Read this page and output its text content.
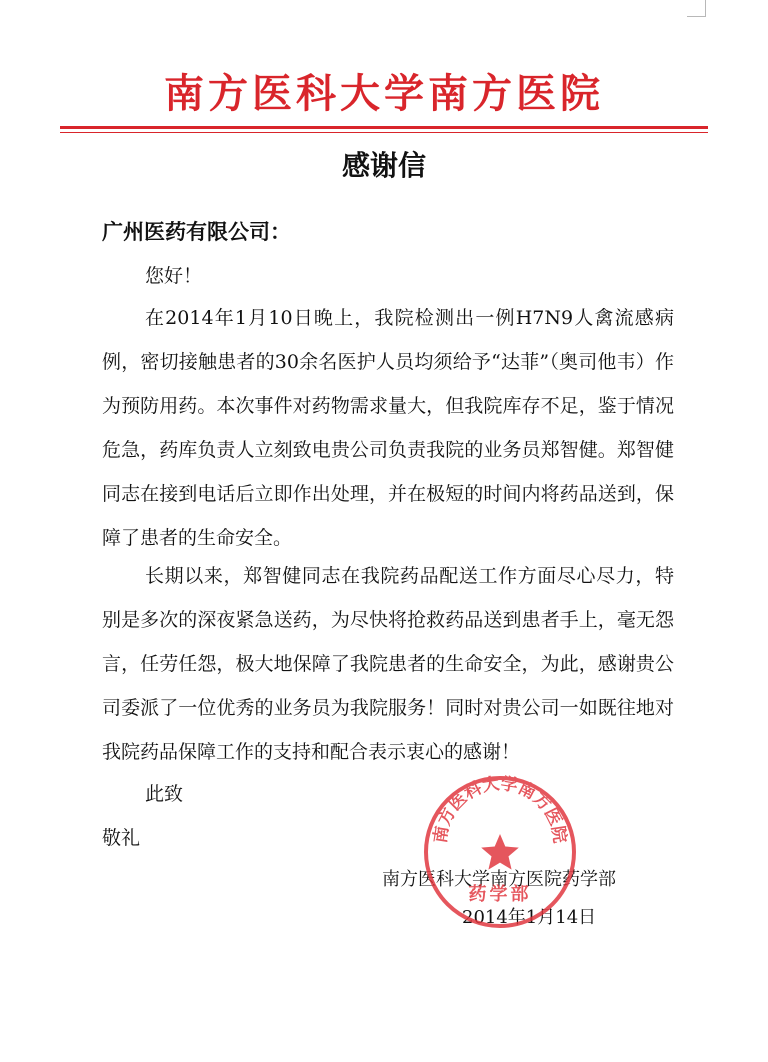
南方医科大学南方医院
感谢信
广州医药有限公司：
您好！
在2014年1月10日晚上，我院检测出一例H7N9人禽流感病例，密切接触患者的30余名医护人员均须给予“达菲”（奥司他韦）作为预防用药。本次事件对药物需求量大，但我院库存不足，鉴于情况危急，药库负责人立刻致电贵公司负责我院的业务员郑智健。郑智健同志在接到电话后立即作出处理，并在极短的时间内将药品送到，保障了患者的生命安全。
长期以来，郑智健同志在我院药品配送工作方面尽心尽力，特别是多次的深夜紧急送药，为尽快将抢救药品送到患者手上，毫无怨言，任劳任怨，极大地保障了我院患者的生命安全，为此，感谢贵公司委派了一位优秀的业务员为我院服务！同时对贵公司一如既往地对我院药品保障工作的支持和配合表示衷心的感谢！
此致
敬礼
南方医科大学南方医院药学部
2014年1月14日
南方医科大学南方医院
药学部
